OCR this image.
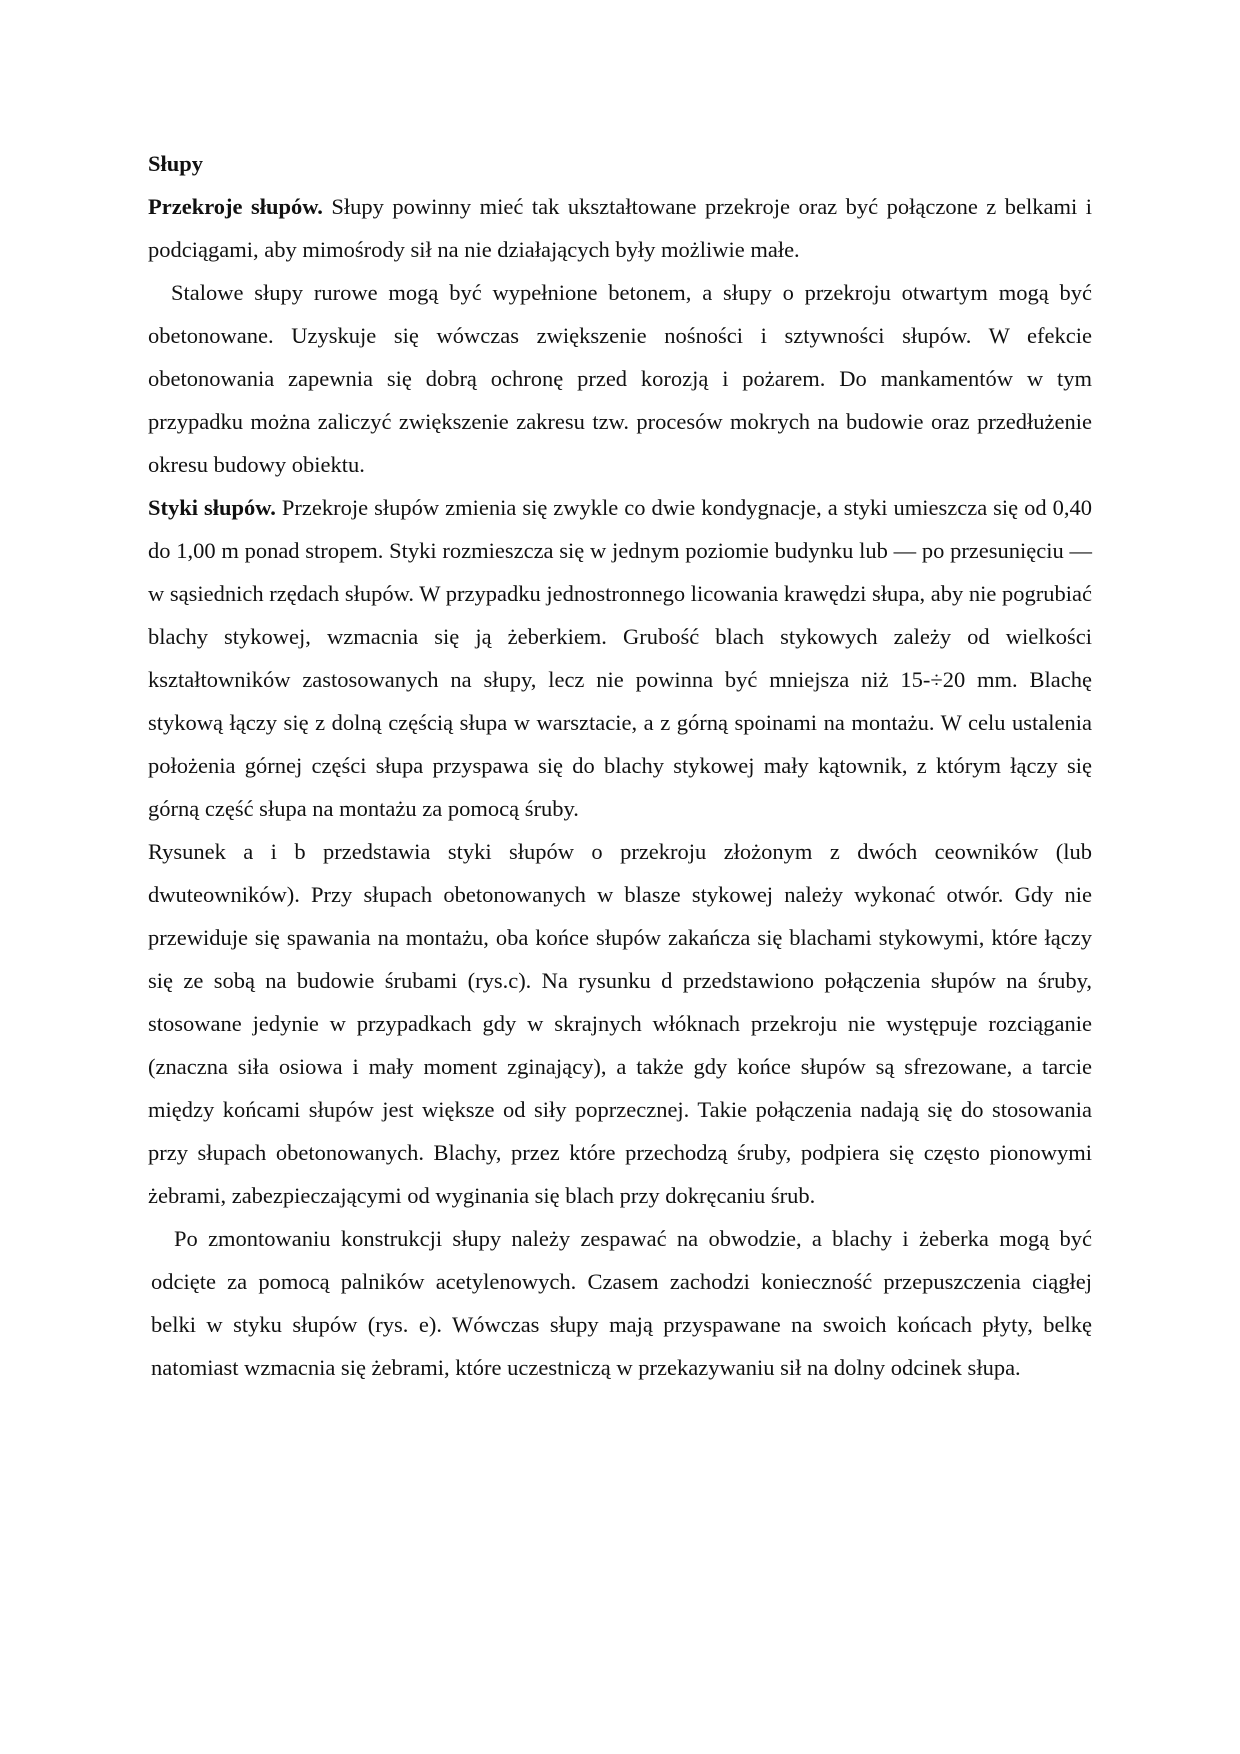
Słupy

Przekroje słupów. Słupy powinny mieć tak ukształtowane przekroje oraz być połączone z belkami i podciągami, aby mimośrody sił na nie działających były możliwie małe.

Stalowe słupy rurowe mogą być wypełnione betonem, a słupy o przekroju otwartym mogą być obetonowane. Uzyskuje się wówczas zwiększenie nośności i sztywności słupów. W efekcie obetonowania zapewnia się dobrą ochronę przed korozją i pożarem. Do mankamentów w tym przypadku można zaliczyć zwiększenie zakresu tzw. procesów mokrych na budowie oraz przedłużenie okresu budowy obiektu.

Styki słupów. Przekroje słupów zmienia się zwykle co dwie kondygnacje, a styki umieszcza się od 0,40 do 1,00 m ponad stropem. Styki rozmieszcza się w jednym poziomie budynku lub — po przesunięciu — w sąsiednich rzędach słupów. W przypadku jednostronnego licowania krawędzi słupa, aby nie pogrubiać blachy stykowej, wzmacnia się ją żeberkiem. Grubość blach stykowych zależy od wielkości kształtowników zastosowanych na słupy, lecz nie powinna być mniejsza niż 15-÷20 mm. Blachę stykową łączy się z dolną częścią słupa w warsztacie, a z górną spoinami na montażu. W celu ustalenia położenia górnej części słupa przyspawa się do blachy stykowej mały kątownik, z którym łączy się górną część słupa na montażu za pomocą śruby.

Rysunek a i b przedstawia styki słupów o przekroju złożonym z dwóch ceowników (lub dwuteowników). Przy słupach obetonowanych w blasze stykowej należy wykonać otwór. Gdy nie przewiduje się spawania na montażu, oba końce słupów zakańcza się blachami stykowymi, które łączy się ze sobą na budowie śrubami (rys.c). Na rysunku d przedstawiono połączenia słupów na śruby, stosowane jedynie w przypadkach gdy w skrajnych włóknach przekroju nie występuje rozciąganie (znaczna siła osiowa i mały moment zginający), a także gdy końce słupów są sfrezowane, a tarcie między końcami słupów jest większe od siły poprzecznej. Takie połączenia nadają się do stosowania przy słupach obetonowanych. Blachy, przez które przechodzą śruby, podpiera się często pionowymi żebrami, zabezpieczającymi od wyginania się blach przy dokręcaniu śrub.

Po zmontowaniu konstrukcji słupy należy zespawać na obwodzie, a blachy i żeberka mogą być odcięte za pomocą palników acetylenowych. Czasem zachodzi konieczność przepuszczenia ciągłej belki w styku słupów (rys. e). Wówczas słupy mają przyspawane na swoich końcach płyty, belkę natomiast wzmacnia się żebrami, które uczestniczą w przekazywaniu sił na dolny odcinek słupa.
